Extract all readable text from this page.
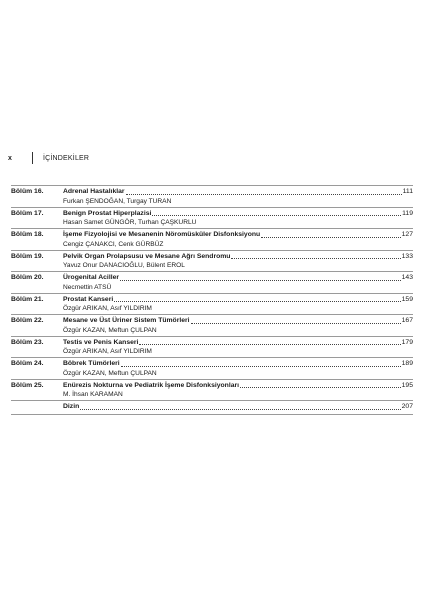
x	İÇİNDEKİLER
Bölüm 16.	Adrenal Hastalıklar	111
Furkan ŞENDOĞAN, Turgay TURAN
Bölüm 17.	Benign Prostat Hiperplazisi	119
Hasan Samet GÜNGÖR, Turhan ÇAŞKURLU
Bölüm 18.	İşeme Fizyolojisi ve Mesanenin Nöromüsküler Disfonksiyonu	127
Cengiz ÇANAKCI, Cenk GÜRBÜZ
Bölüm 19.	Pelvik Organ Prolapsusu ve Mesane Ağrı Sendromu	133
Yavuz Onur DANACIOĞLU, Bülent EROL
Bölüm 20.	Ürogenital Aciller	143
Necmettin ATSÜ
Bölüm 21.	Prostat Kanseri	159
Özgür ARIKAN, Asıf YILDIRIM
Bölüm 22.	Mesane ve Üst Üriner Sistem Tümörleri	167
Özgür KAZAN, Meftun ÇULPAN
Bölüm 23.	Testis ve Penis Kanseri	179
Özgür ARIKAN, Asıf YILDIRIM
Bölüm 24.	Böbrek Tümörleri	189
Özgür KAZAN, Meftun ÇULPAN
Bölüm 25.	Enürezis Nokturna ve Pediatrik İşeme Disfonksiyonları	195
M. İhsan KARAMAN
Dizin	207
